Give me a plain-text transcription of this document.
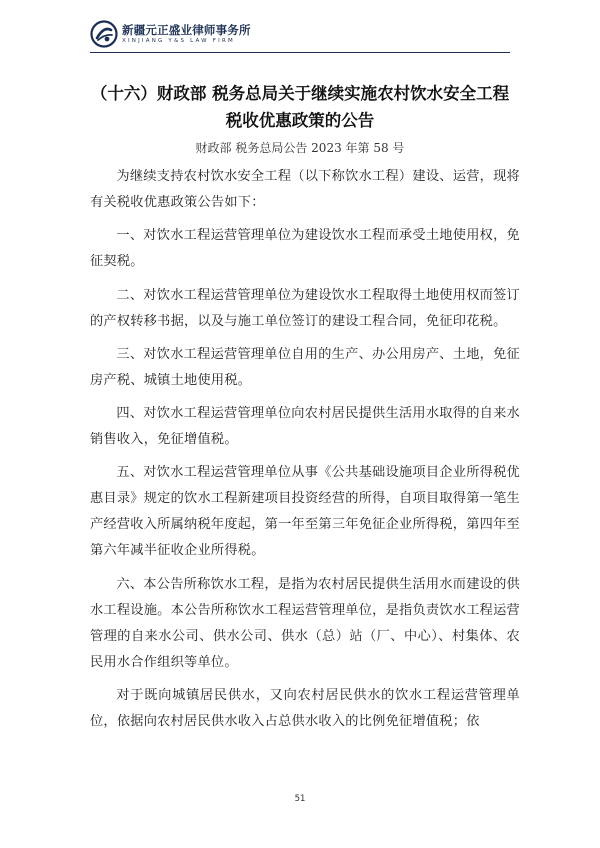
新疆元正盛业律师事务所
XINJIANG Y&S LAW FIRM
（十六）财政部 税务总局关于继续实施农村饮水安全工程
税收优惠政策的公告
财政部 税务总局公告 2023 年第 58 号

为继续支持农村饮水安全工程（以下称饮水工程）建设、运营，现将有关税收优惠政策公告如下：

一、对饮水工程运营管理单位为建设饮水工程而承受土地使用权，免征契税。

二、对饮水工程运营管理单位为建设饮水工程取得土地使用权而签订的产权转移书据，以及与施工单位签订的建设工程合同，免征印花税。

三、对饮水工程运营管理单位自用的生产、办公用房产、土地，免征房产税、城镇土地使用税。

四、对饮水工程运营管理单位向农村居民提供生活用水取得的自来水销售收入，免征增值税。

五、对饮水工程运营管理单位从事《公共基础设施项目企业所得税优惠目录》规定的饮水工程新建项目投资经营的所得，自项目取得第一笔生产经营收入所属纳税年度起，第一年至第三年免征企业所得税，第四年至第六年减半征收企业所得税。

六、本公告所称饮水工程，是指为农村居民提供生活用水而建设的供水工程设施。本公告所称饮水工程运营管理单位，是指负责饮水工程运营管理的自来水公司、供水公司、供水（总）站（厂、中心）、村集体、农民用水合作组织等单位。

对于既向城镇居民供水，又向农村居民供水的饮水工程运营管理单位，依据向农村居民供水收入占总供水收入的比例免征增值税；依

51
